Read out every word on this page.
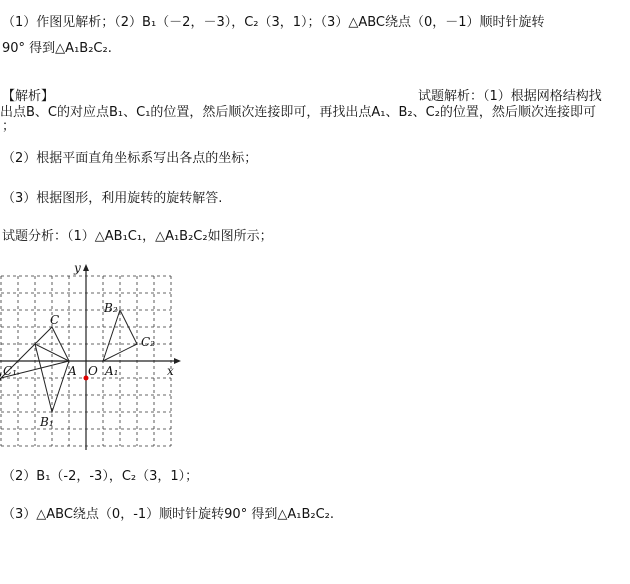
（1）作图见解析；（2）B₁（－2，－3），C₂（3，1）；（3）△ABC绕点（0，－1）顺时针旋转
90° 得到△A₁B₂C₂.
【解析】	试题解析：（1）根据网格结构找
出点B、C的对应点B₁、C₁的位置，然后顺次连接即可，再找出点A₁、B₂、C₂的位置，然后顺次连接即可
；
（2）根据平面直角坐标系写出各点的坐标；
（3）根据图形，利用旋转的旋转解答.
试题分析：（1）△AB₁C₁，△A₁B₂C₂如图所示；
C
A O A₁
C₁
B₁
B₂
C₂
x
y
（2）B₁（-2，-3），C₂（3，1）；
（3）△ABC绕点（0，-1）顺时针旋转90° 得到△A₁B₂C₂.
